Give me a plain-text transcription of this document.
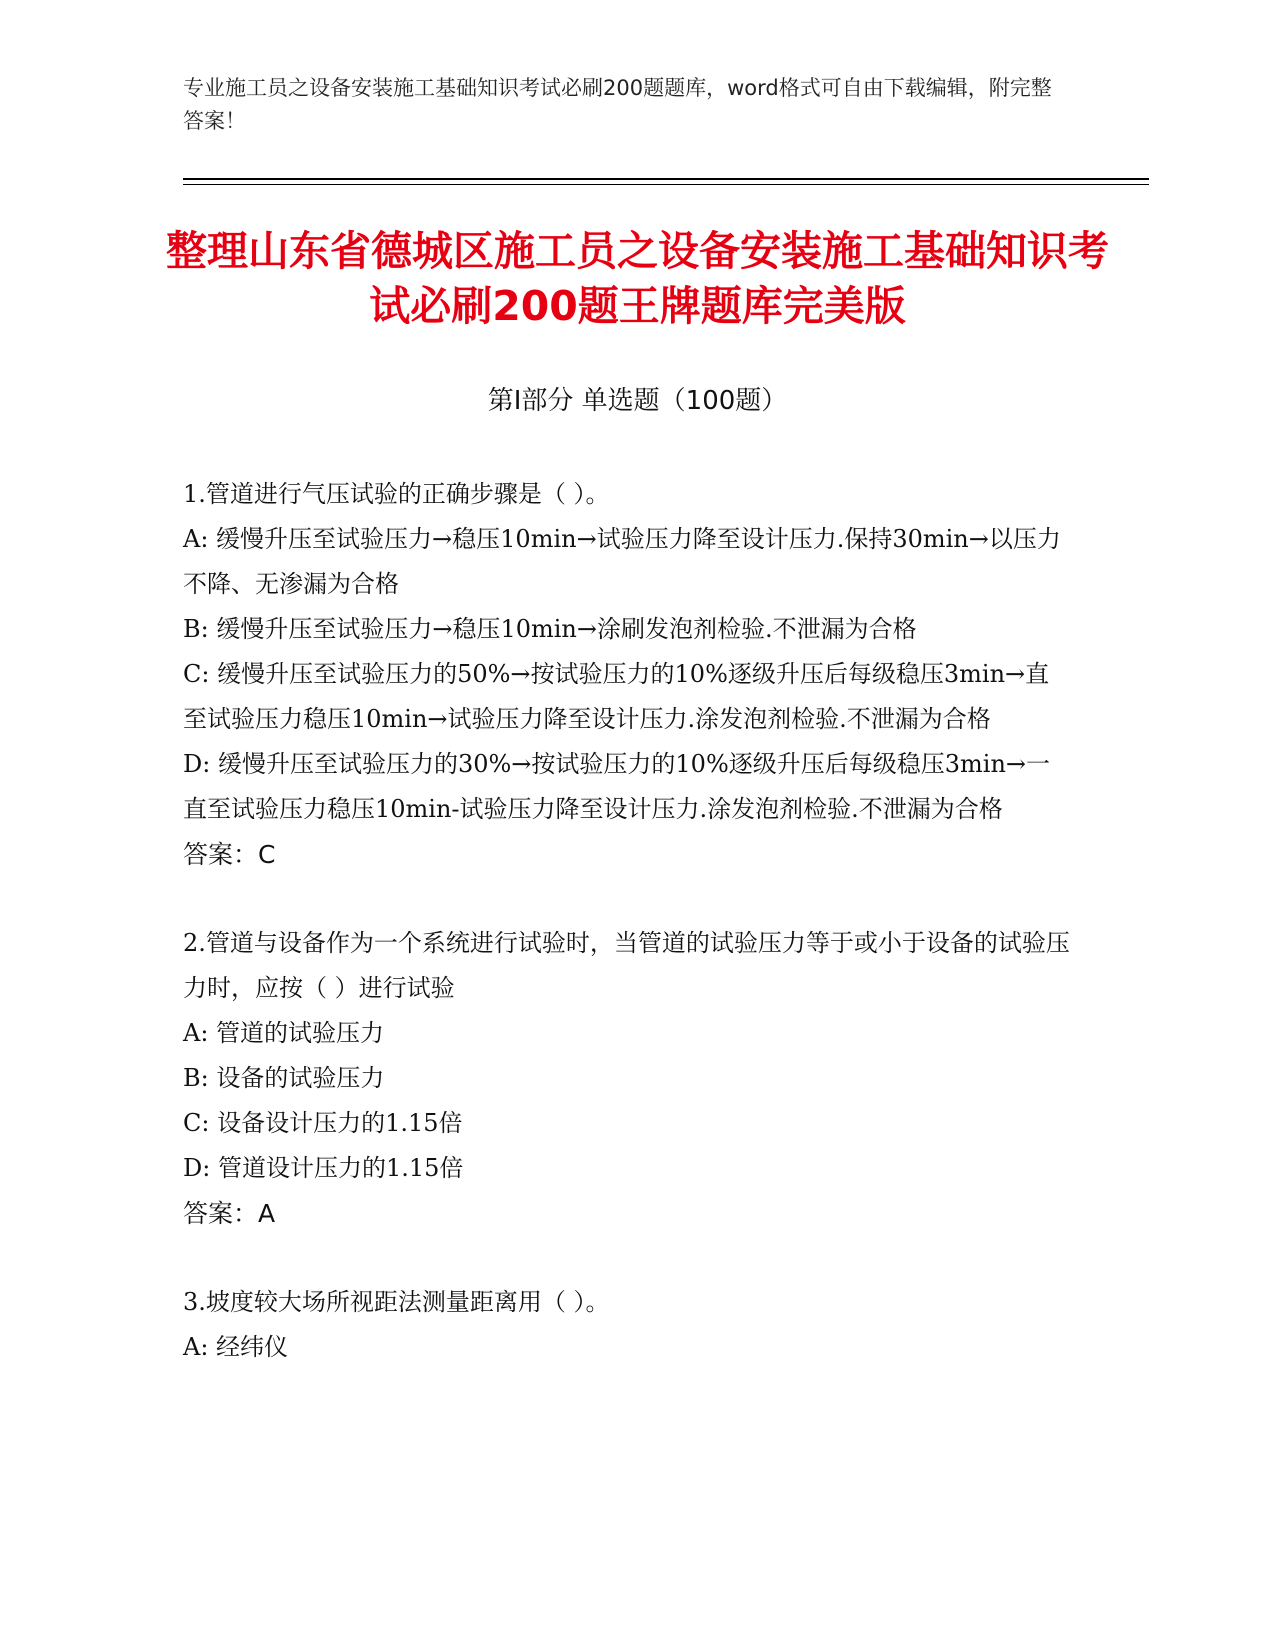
专业施工员之设备安装施工基础知识考试必刷200题题库，word格式可自由下载编辑，附完整答案！
整理山东省德城区施工员之设备安装施工基础知识考试必刷200题王牌题库完美版
第Ⅰ部分 单选题（100题）
1.管道进行气压试验的正确步骤是（ ）。
A: 缓慢升压至试验压力→稳压10min→试验压力降至设计压力.保持30min→以压力不降、无渗漏为合格
B: 缓慢升压至试验压力→稳压10min→涂刷发泡剂检验.不泄漏为合格
C: 缓慢升压至试验压力的50%→按试验压力的10%逐级升压后每级稳压3min→直至试验压力稳压10min→试验压力降至设计压力.涂发泡剂检验.不泄漏为合格
D: 缓慢升压至试验压力的30%→按试验压力的10%逐级升压后每级稳压3min→一直至试验压力稳压10min-试验压力降至设计压力.涂发泡剂检验.不泄漏为合格
答案：C
2.管道与设备作为一个系统进行试验时，当管道的试验压力等于或小于设备的试验压力时，应按（ ）进行试验
A: 管道的试验压力
B: 设备的试验压力
C: 设备设计压力的1.15倍
D: 管道设计压力的1.15倍
答案：A
3.坡度较大场所视距法测量距离用（ ）。
A: 经纬仪
